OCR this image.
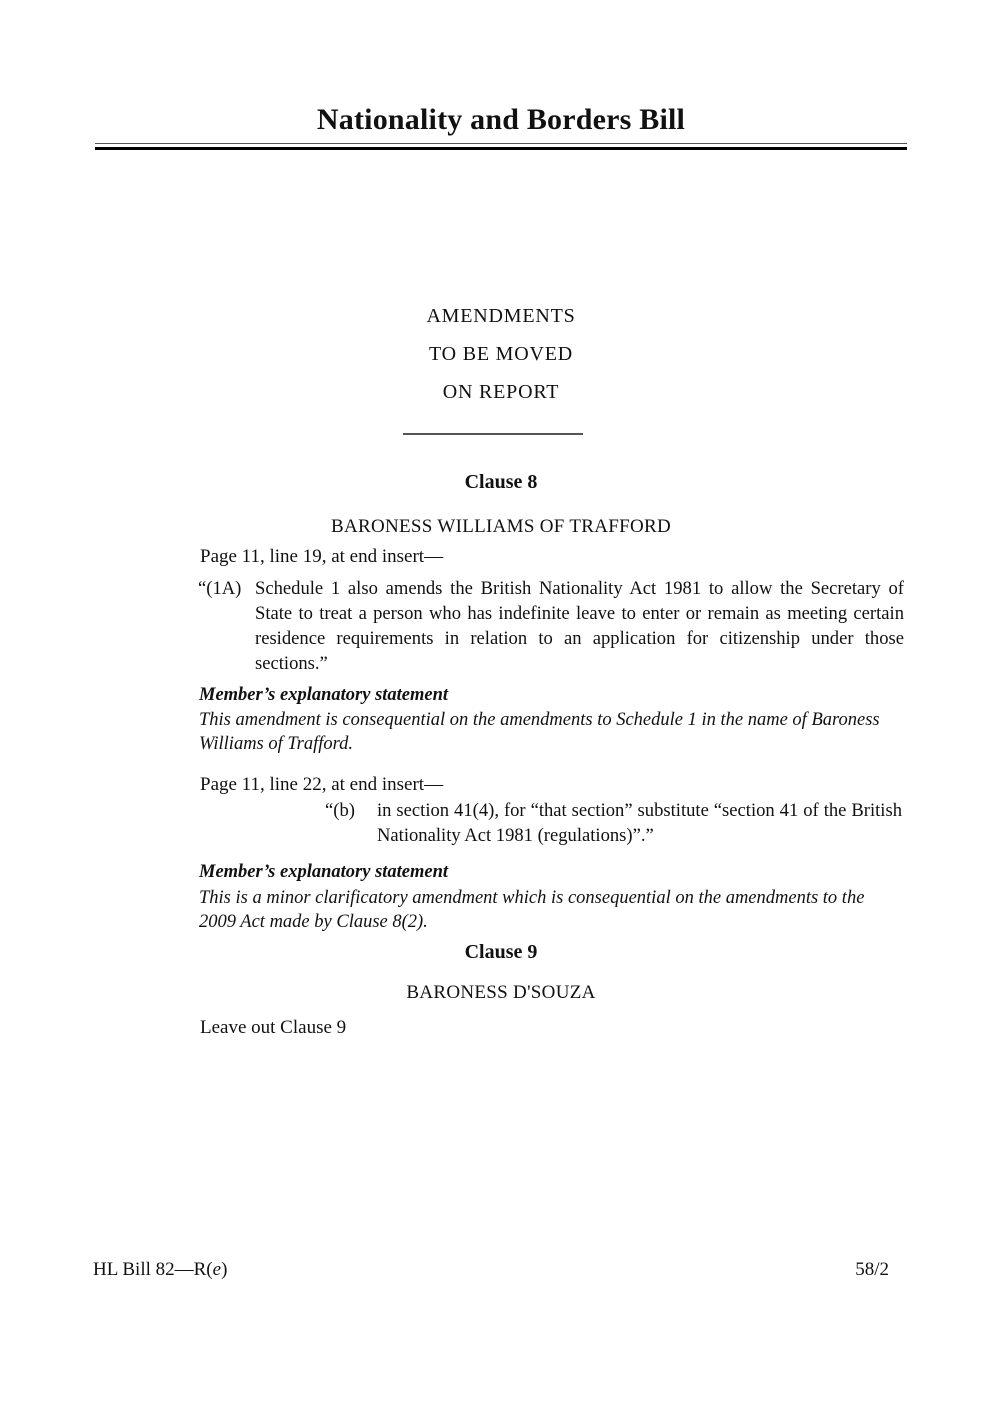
Nationality and Borders Bill
AMENDMENTS
TO BE MOVED
ON REPORT
Clause 8
BARONESS WILLIAMS OF TRAFFORD
Page 11, line 19, at end insert—
“(1A) Schedule 1 also amends the British Nationality Act 1981 to allow the Secretary of State to treat a person who has indefinite leave to enter or remain as meeting certain residence requirements in relation to an application for citizenship under those sections.”
Member’s explanatory statement
This amendment is consequential on the amendments to Schedule 1 in the name of Baroness Williams of Trafford.
Page 11, line 22, at end insert—
“(b)	in section 41(4), for “that section” substitute “section 41 of the British Nationality Act 1981 (regulations)”.”
Member’s explanatory statement
This is a minor clarificatory amendment which is consequential on the amendments to the 2009 Act made by Clause 8(2).
Clause 9
BARONESS D'SOUZA
Leave out Clause 9
HL Bill 82—R(e)	58/2
